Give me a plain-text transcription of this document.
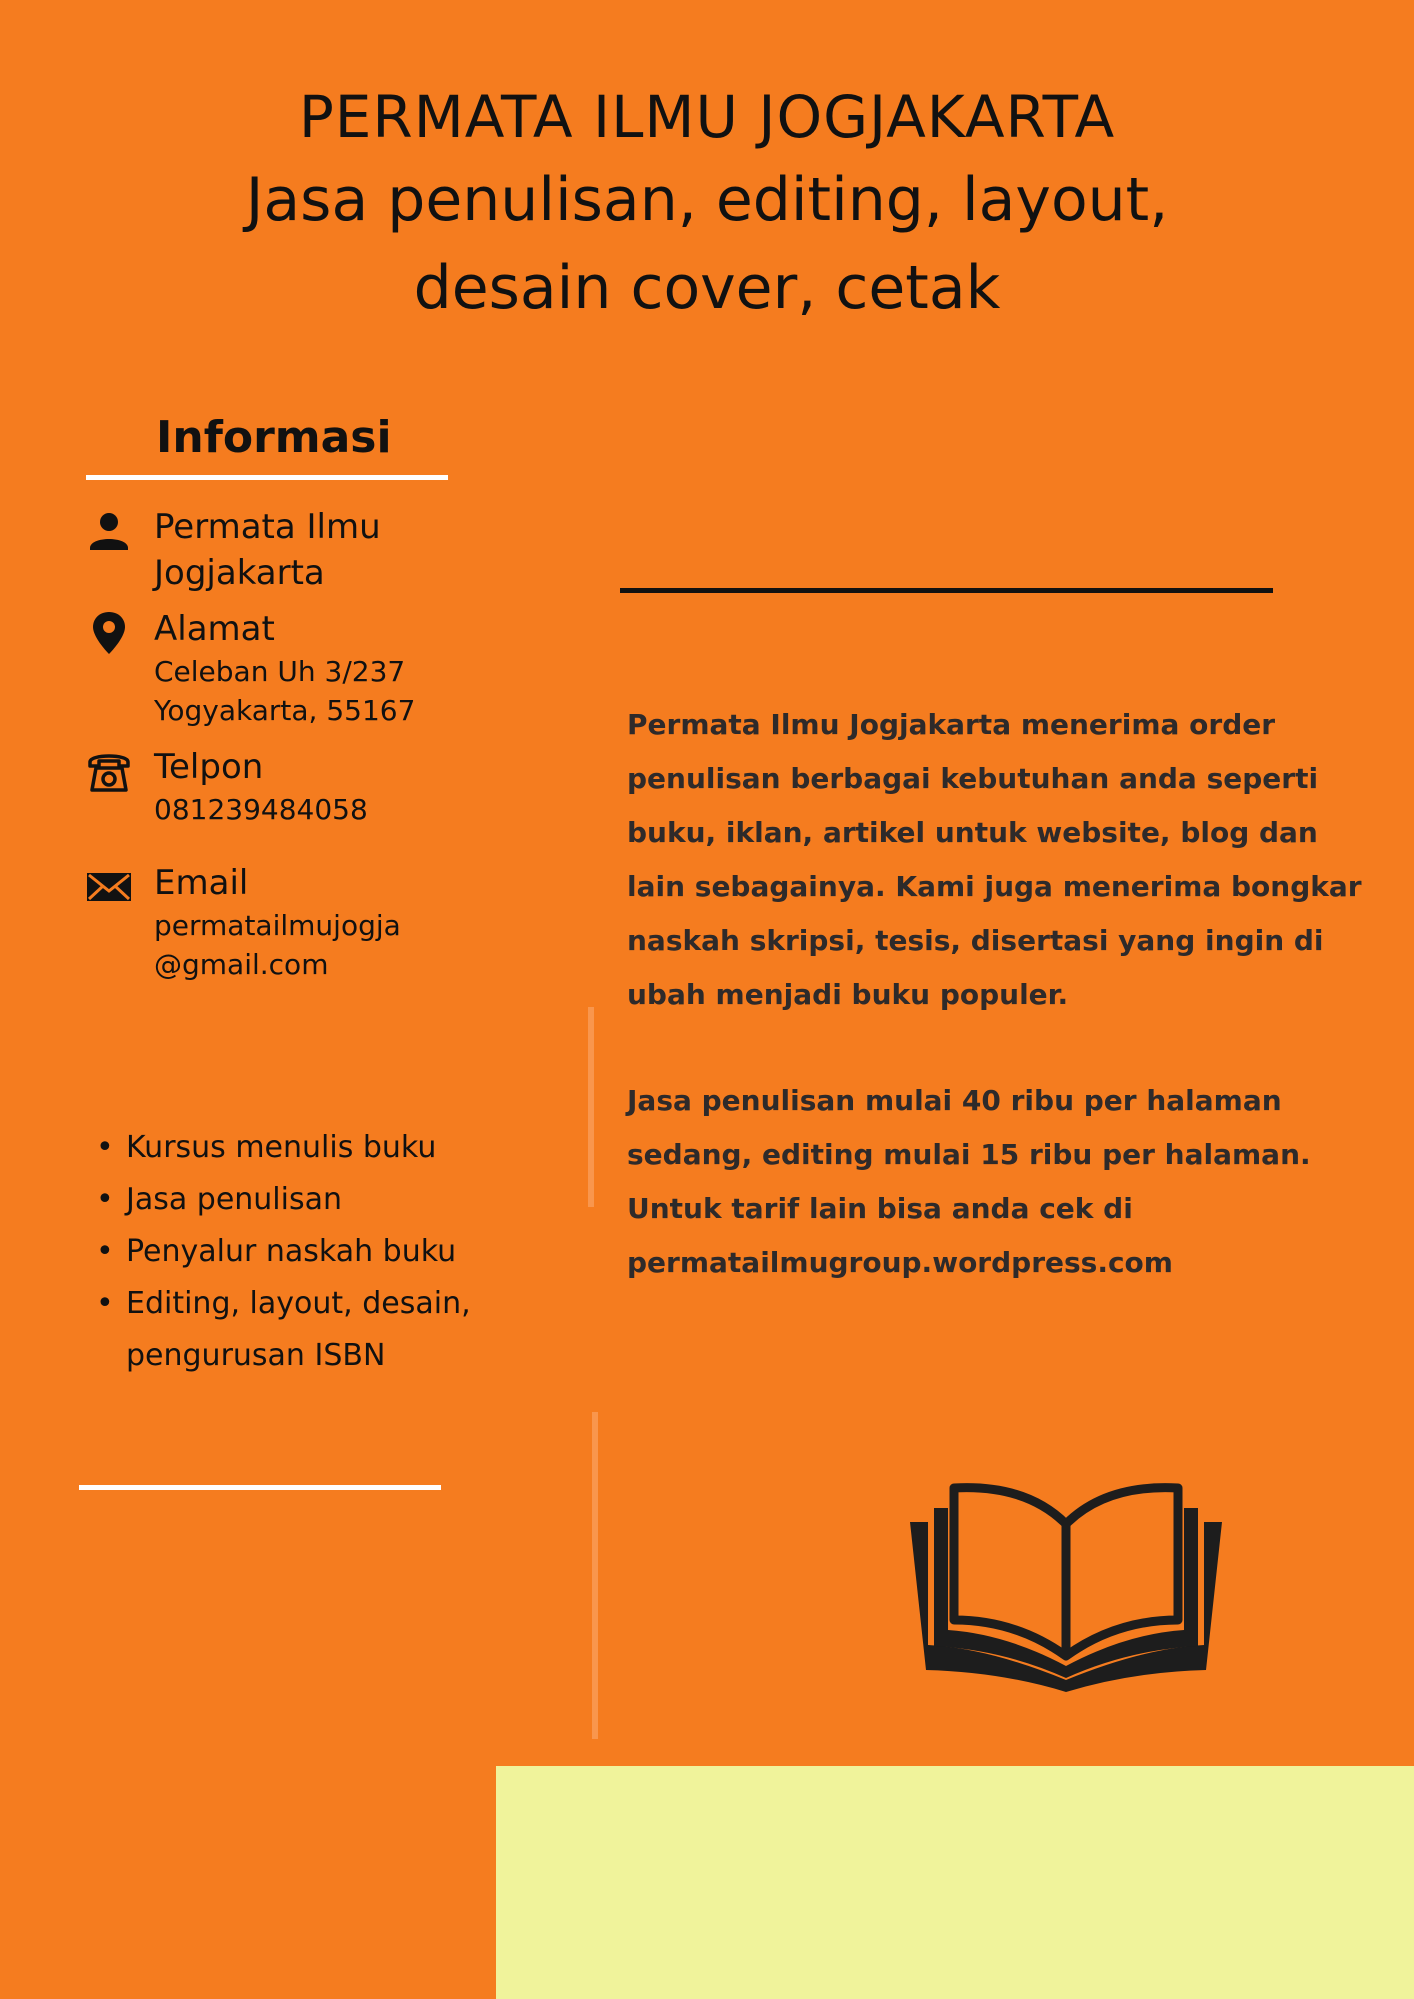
PERMATA ILMU JOGJAKARTA
Jasa penulisan, editing, layout,
desain cover, cetak
Informasi
Permata Ilmu
Jogjakarta
Alamat
Celeban Uh 3/237
Yogyakarta, 55167
Telpon
081239484058
Email
permatailmujogja
@gmail.com
• Kursus menulis buku
• Jasa penulisan
• Penyalur naskah buku
• Editing, layout, desain, pengurusan ISBN

Permata Ilmu Jogjakarta menerima order penulisan berbagai kebutuhan anda seperti buku, iklan, artikel untuk website, blog dan lain sebagainya. Kami juga menerima bongkar naskah skripsi, tesis, disertasi yang ingin di ubah menjadi buku populer.

Jasa penulisan mulai 40 ribu per halaman sedang, editing mulai 15 ribu per halaman. Untuk tarif lain bisa anda cek di permatailmugroup.wordpress.com
